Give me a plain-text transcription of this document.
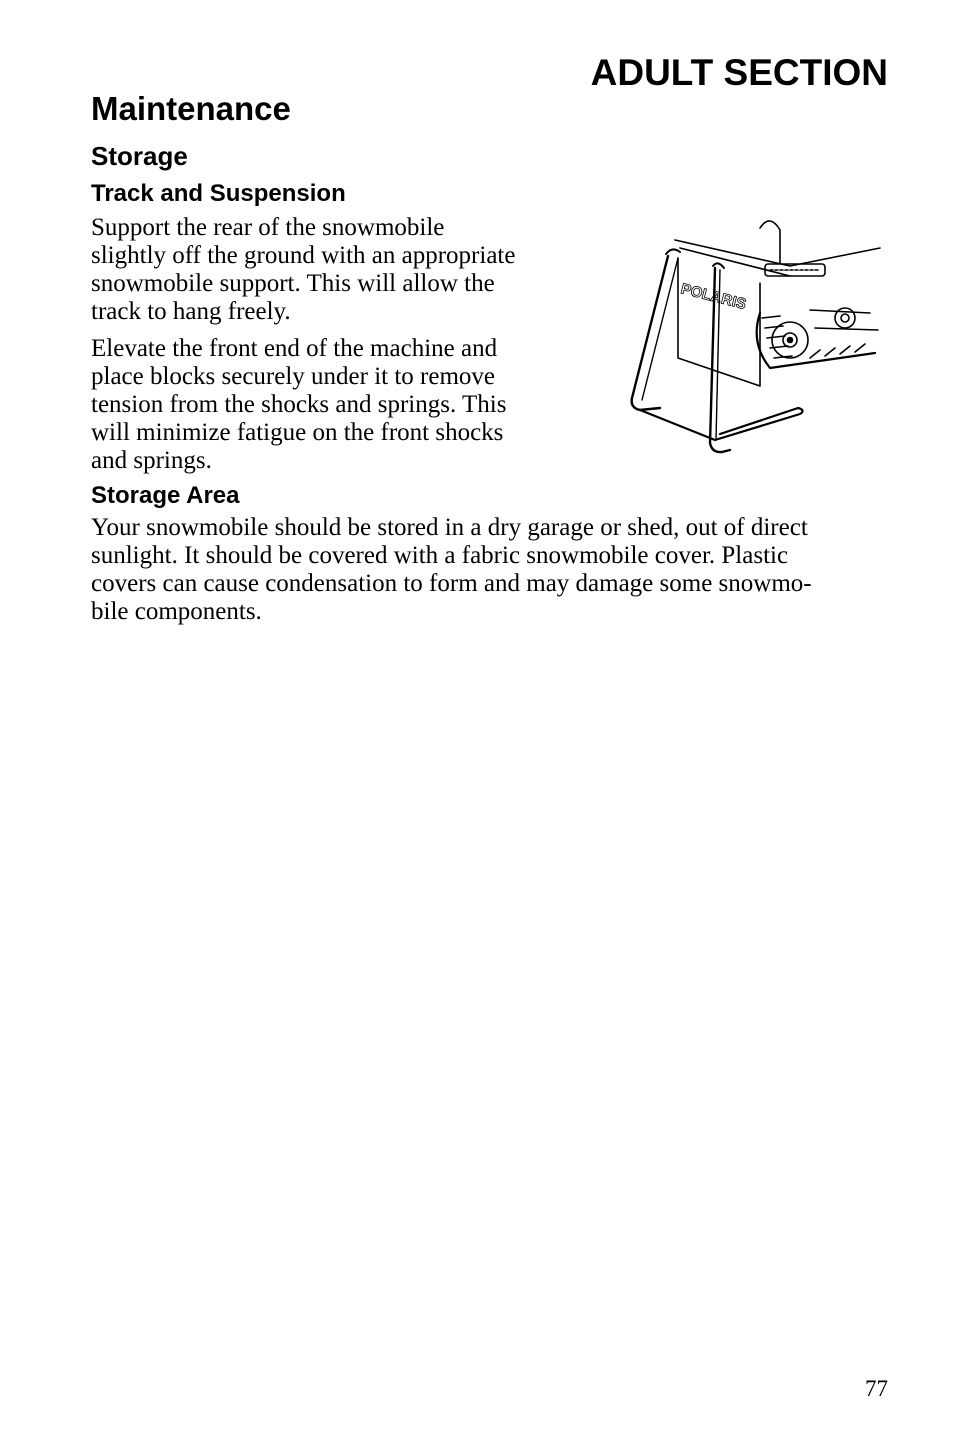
ADULT SECTION
Maintenance
Storage
Track and Suspension

Support the rear of the snowmobile
slightly off the ground with an appropriate
snowmobile support. This will allow the
track to hang freely.

Elevate the front end of the machine and
place blocks securely under it to remove
tension from the shocks and springs. This
will minimize fatigue on the front shocks
and springs.

Storage Area

Your snowmobile should be stored in a dry garage or shed, out of direct
sunlight. It should be covered with a fabric snowmobile cover. Plastic
covers can cause condensation to form and may damage some snowmo-
bile components.

POLARIS

77
